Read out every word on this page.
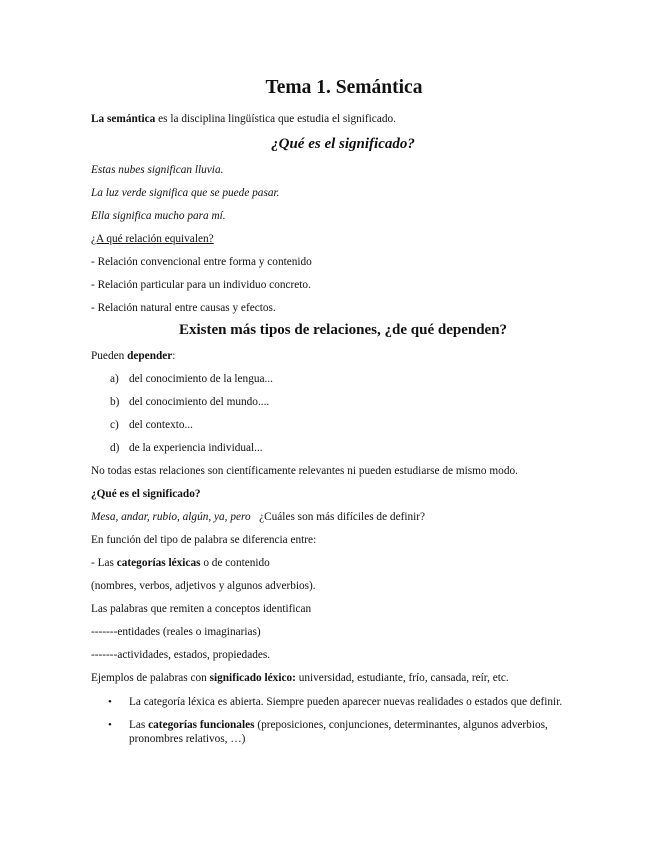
Tema 1. Semántica

La semántica es la disciplina lingüística que estudia el significado.

¿Qué es el significado?

Estas nubes significan lluvia.

La luz verde significa que se puede pasar.

Ella significa mucho para mí.

¿A qué relación equivalen?

- Relación convencional entre forma y contenido

- Relación particular para un individuo concreto.

- Relación natural entre causas y efectos.

Existen más tipos de relaciones, ¿de qué dependen?

Pueden depender:

a) del conocimiento de la lengua...
b) del conocimiento del mundo....
c) del contexto...
d) de la experiencia individual...

No todas estas relaciones son científicamente relevantes ni pueden estudiarse de mismo modo.

¿Qué es el significado?

Mesa, andar, rubio, algún, ya, pero   ¿Cuáles son más difíciles de definir?

En función del tipo de palabra se diferencia entre:

- Las categorías léxicas o de contenido

(nombres, verbos, adjetivos y algunos adverbios).

Las palabras que remiten a conceptos identifican

-------entidades (reales o imaginarias)

-------actividades, estados, propiedades.

Ejemplos de palabras con significado léxico: universidad, estudiante, frío, cansada, reír, etc.

• La categoría léxica es abierta. Siempre pueden aparecer nuevas realidades o estados que definir.
• Las categorías funcionales (preposiciones, conjunciones, determinantes, algunos adverbios, pronombres relativos, …)
